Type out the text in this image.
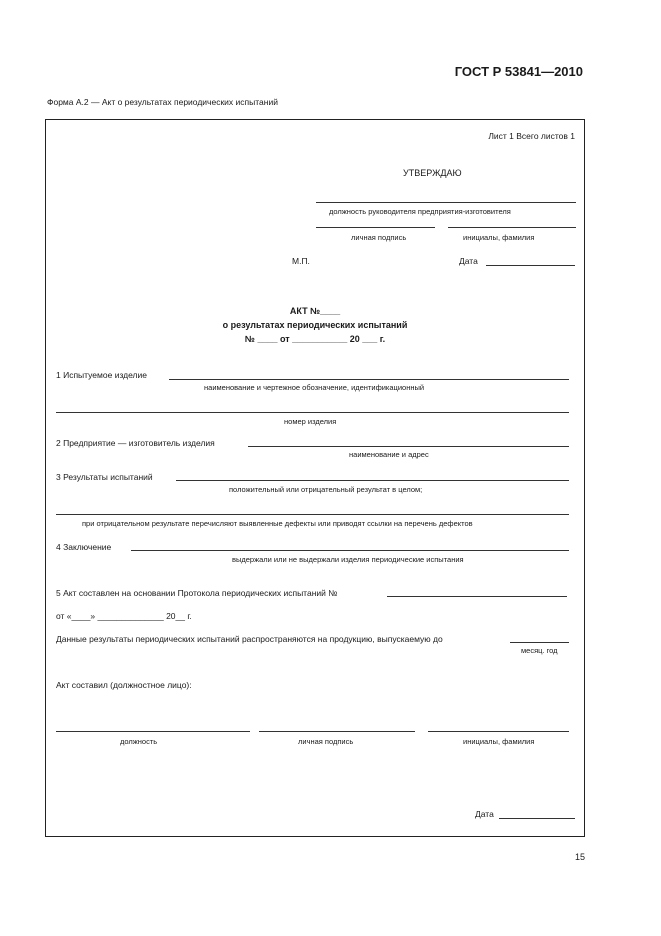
ГОСТ Р 53841—2010
Форма А.2 — Акт о результатах периодических испытаний
Лист 1 Всего листов 1
УТВЕРЖДАЮ
должность руководителя предприятия-изготовителя
личная подпись	инициалы, фамилия
М.П.	Дата
АКТ №____
о результатах периодических испытаний
№ ____ от ___________ 20 ___ г.
1 Испытуемое изделие
наименование и чертежное обозначение, идентификационный
номер изделия
2 Предприятие — изготовитель изделия
наименование и адрес
3 Результаты испытаний
положительный или отрицательный результат в целом;
при отрицательном результате перечисляют выявленные дефекты или приводят ссылки на перечень дефектов
4 Заключение
выдержали или не выдержали изделия периодические испытания
5 Акт составлен на основании Протокола периодических испытаний №
от «____» ______________ 20__ г.
Данные результаты периодических испытаний распространяются на продукцию, выпускаемую до
месяц. год
Акт составил (должностное лицо):
должность	личная подпись	инициалы, фамилия
Дата
15
